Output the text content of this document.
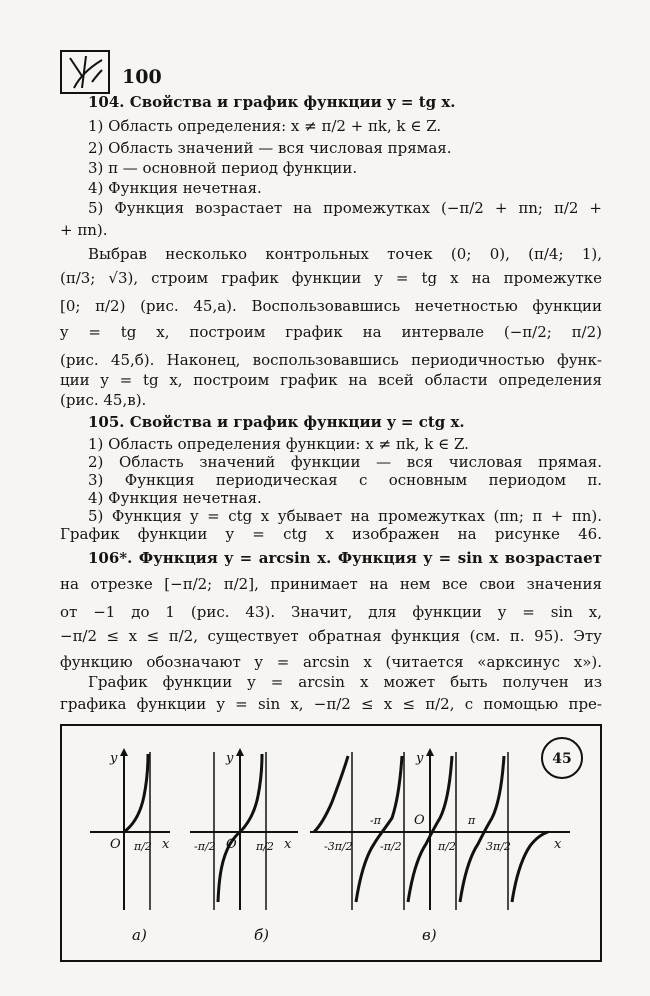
100
104. Свойства и график функции y = tg x.
1) Область определения: x ≠ π/2 + πk, k ∈ Z.
2) Область значений — вся числовая прямая.
3) π — основной период функции.
4) Функция нечетная.
5) Функция возрастает на промежутках (−π/2 + πn; π/2 +
+ πn).
Выбрав несколько контрольных точек (0; 0), (π/4; 1),
(π/3; √3), строим график функции y = tg x на промежутке
[0; π/2) (рис. 45,а). Воспользовавшись нечетностью функции
y = tg x, построим график на интервале (−π/2; π/2)
(рис. 45,б). Наконец, воспользовавшись периодичностью функ-
ции y = tg x, построим график на всей области определения
(рис. 45,в).
105. Свойства и график функции y = ctg x.
1) Область определения функции: x ≠ πk, k ∈ Z.
2) Область значений функции — вся числовая прямая.
3) Функция периодическая с основным периодом π.
4) Функция нечетная.
5) Функция y = ctg x убывает на промежутках (πn; π + πn).
График функции y = ctg x изображен на рисунке 46.
106*. Функция y = arcsin x. Функция y = sin x возрастает
на отрезке [−π/2; π/2], принимает на нем все свои значения
от −1 до 1 (рис. 43). Значит, для функции y = sin x,
−π/2 ≤ x ≤ π/2, существует обратная функция (см. п. 95). Эту
функцию обозначают y = arcsin x (читается «арксинус x»).
График функции y = arcsin x может быть получен из
графика функции y = sin x, −π/2 ≤ x ≤ π/2, с помощью пре-
45
y
x
O π/2
а)
y
x
O
-π/2	π/2
б)
y
x
O
-π	π
-3π/2 -π/2	π/2	3π/2
в)
